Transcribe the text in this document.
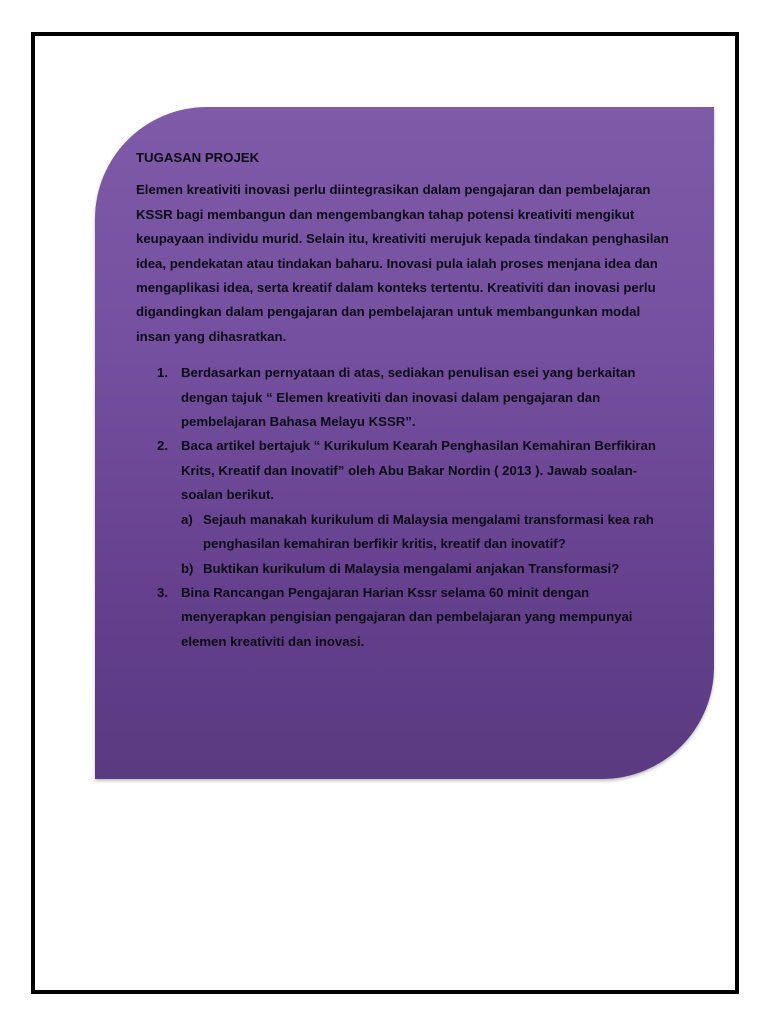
TUGASAN PROJEK
Elemen kreativiti inovasi perlu diintegrasikan dalam pengajaran dan pembelajaran KSSR bagi membangun dan mengembangkan tahap potensi kreativiti mengikut keupayaan individu murid. Selain itu, kreativiti merujuk kepada tindakan penghasilan idea, pendekatan atau tindakan baharu. Inovasi pula ialah proses menjana idea dan mengaplikasi idea, serta kreatif dalam konteks tertentu. Kreativiti dan inovasi perlu digandingkan dalam pengajaran dan pembelajaran untuk membangunkan modal insan yang dihasratkan.
1. Berdasarkan pernyataan di atas, sediakan penulisan esei yang berkaitan dengan tajuk “ Elemen kreativiti dan inovasi dalam pengajaran dan pembelajaran Bahasa Melayu KSSR”.
2. Baca artikel bertajuk “ Kurikulum Kearah Penghasilan Kemahiran Berfikiran Krits, Kreatif dan Inovatif” oleh Abu Bakar Nordin ( 2013 ). Jawab soalan-soalan berikut.
a) Sejauh manakah kurikulum di Malaysia mengalami transformasi kea rah penghasilan kemahiran berfikir kritis, kreatif dan inovatif?
b) Buktikan kurikulum di Malaysia mengalami anjakan Transformasi?
3. Bina Rancangan Pengajaran Harian Kssr selama 60 minit dengan menyerapkan pengisian pengajaran dan pembelajaran yang mempunyai elemen kreativiti dan inovasi.
